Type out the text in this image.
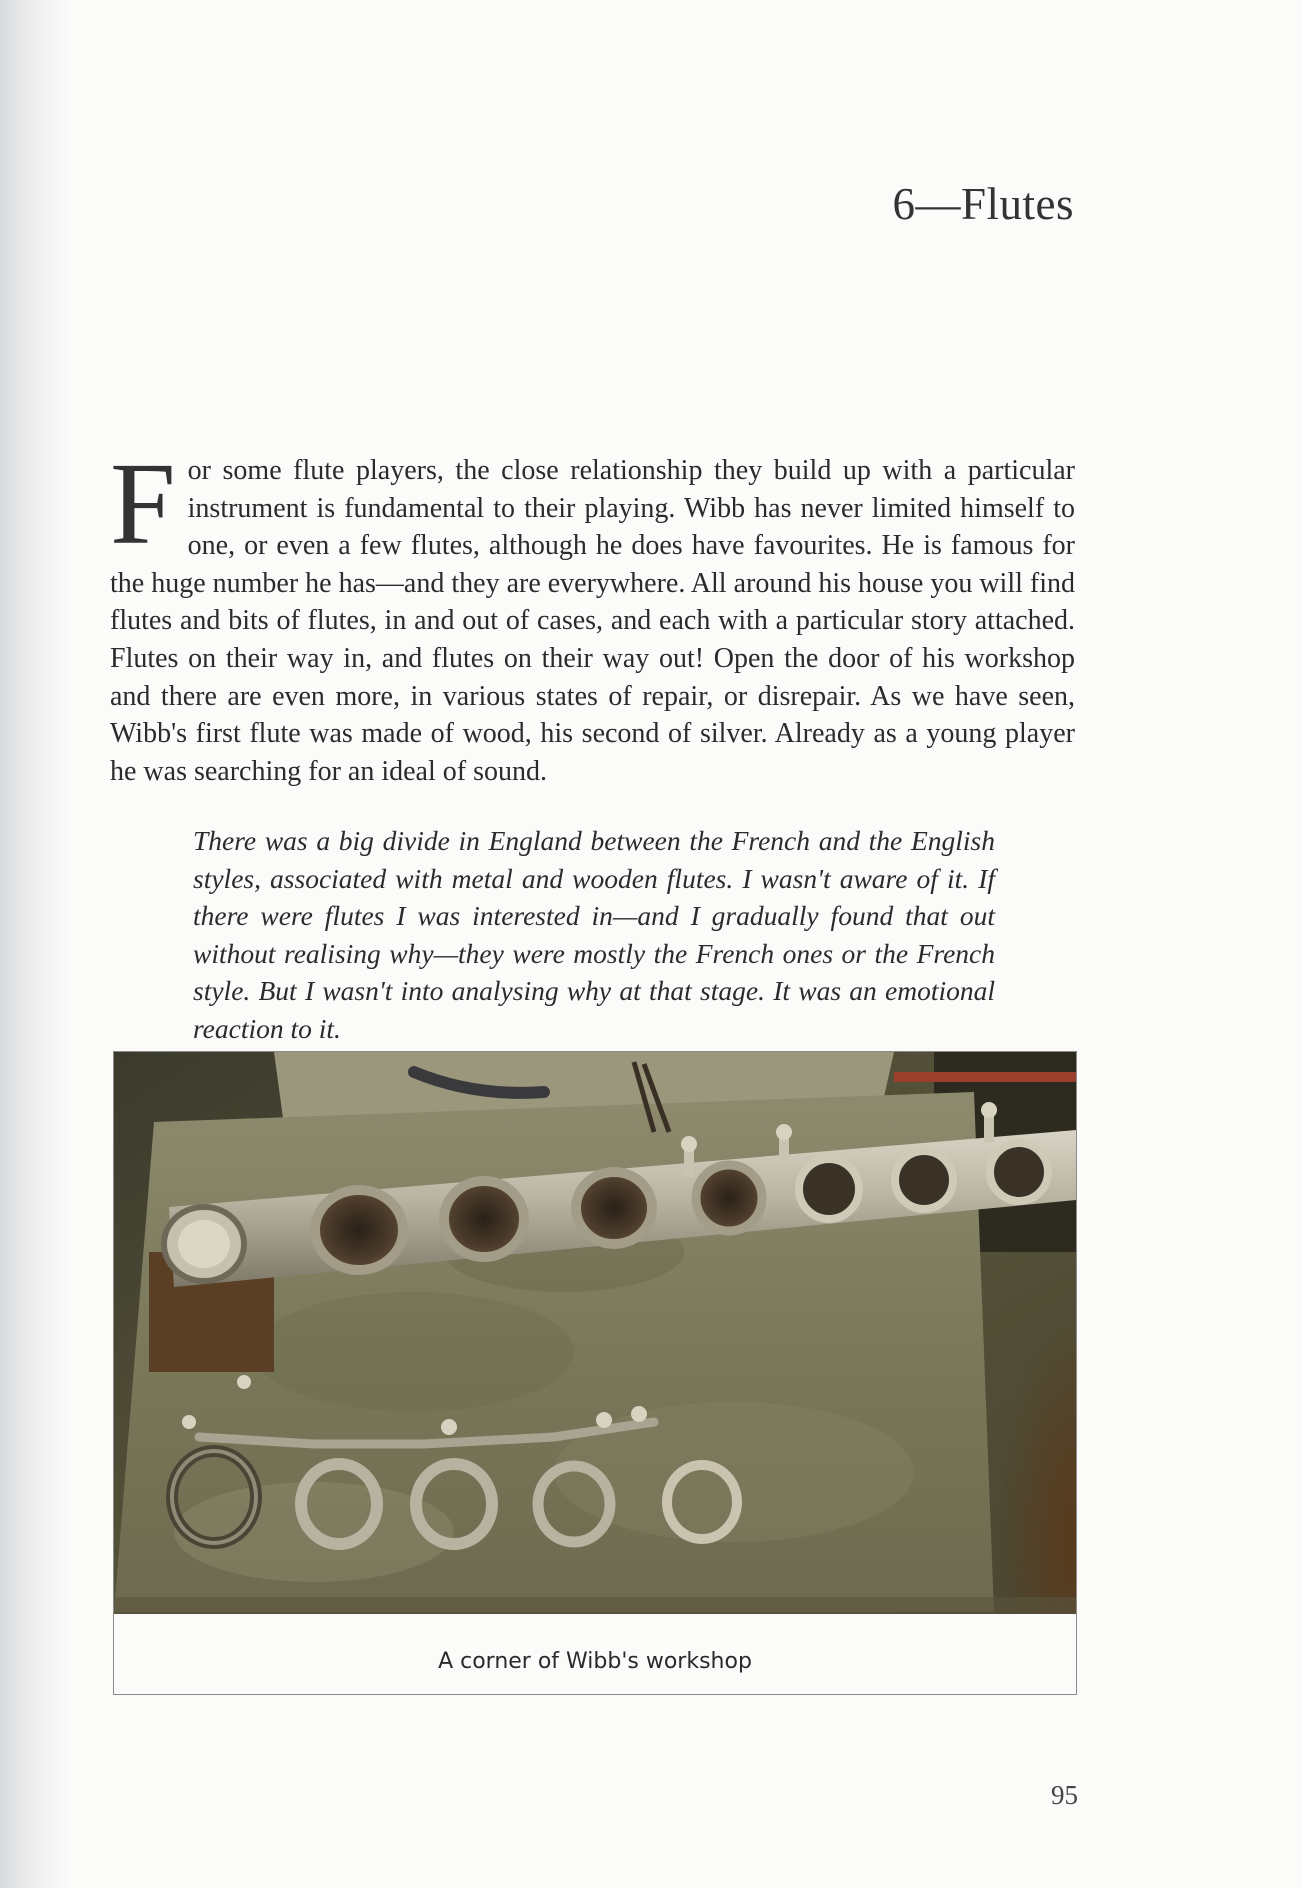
6—Flutes

For some flute players, the close relationship they build up with a particular instrument is fundamental to their playing. Wibb has never limited himself to one, or even a few flutes, although he does have favourites. He is famous for the huge number he has—and they are everywhere. All around his house you will find flutes and bits of flutes, in and out of cases, and each with a particular story attached. Flutes on their way in, and flutes on their way out! Open the door of his workshop and there are even more, in various states of repair, or disrepair. As we have seen, Wibb's first flute was made of wood, his second of silver. Already as a young player he was searching for an ideal of sound.

There was a big divide in England between the French and the English styles, associated with metal and wooden flutes. I wasn't aware of it. If there were flutes I was interested in—and I gradually found that out without realising why—they were mostly the French ones or the French style. But I wasn't into analysing why at that stage. It was an emotional reaction to it.

A corner of Wibb's workshop
95
